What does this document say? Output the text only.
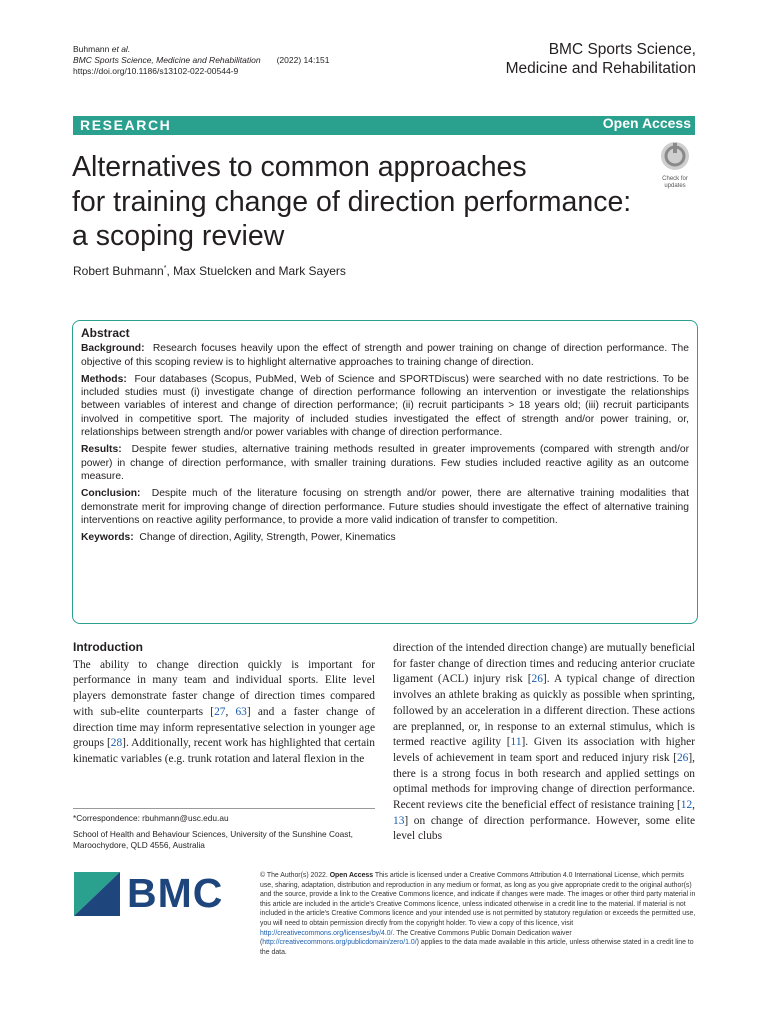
Buhmann et al.
BMC Sports Science, Medicine and Rehabilitation (2022) 14:151
https://doi.org/10.1186/s13102-022-00544-9
BMC Sports Science,
Medicine and Rehabilitation
RESEARCH	Open Access
Alternatives to common approaches
for training change of direction performance:
a scoping review
Check for
updates
Robert Buhmann*, Max Stuelcken and Mark Sayers
Abstract

Background: Research focuses heavily upon the effect of strength and power training on change of direction performance. The objective of this scoping review is to highlight alternative approaches to training change of direction.

Methods: Four databases (Scopus, PubMed, Web of Science and SPORTDiscus) were searched with no date restrictions. To be included studies must (i) investigate change of direction performance following an intervention or investigate the relationships between variables of interest and change of direction performance; (ii) recruit participants > 18 years old; (iii) recruit participants involved in competitive sport. The majority of included studies investigated the effect of strength and/or power training, or, relationships between strength and/or power variables with change of direction performance.

Results: Despite fewer studies, alternative training methods resulted in greater improvements (compared with strength and/or power) in change of direction performance, with smaller training durations. Few studies included reactive agility as an outcome measure.

Conclusion: Despite much of the literature focusing on strength and/or power, there are alternative training modalities that demonstrate merit for improving change of direction performance. Future studies should investigate the effect of alternative training interventions on reactive agility performance, to provide a more valid indication of transfer to competition.

Keywords: Change of direction, Agility, Strength, Power, Kinematics

Introduction
The ability to change direction quickly is important for performance in many team and individual sports. Elite level players demonstrate faster change of direction times compared with sub-elite counterparts [27, 63] and a faster change of direction time may inform representative selection in younger age groups [28]. Additionally, recent work has highlighted that certain kinematic variables (e.g. trunk rotation and lateral flexion in the
direction of the intended direction change) are mutually beneficial for faster change of direction times and reducing anterior cruciate ligament (ACL) injury risk [26]. A typical change of direction involves an athlete braking as quickly as possible when sprinting, followed by an acceleration in a different direction. These actions are preplanned, or, in response to an external stimulus, which is termed reactive agility [11]. Given its association with higher levels of achievement in team sport and reduced injury risk [26], there is a strong focus in both research and applied settings on optimal methods for improving change of direction performance. Recent reviews cite the beneficial effect of resistance training [12, 13] on change of direction performance. However, some elite level clubs
*Correspondence: rbuhmann@usc.edu.au
School of Health and Behaviour Sciences, University of the Sunshine Coast, Maroochydore, QLD 4556, Australia
BMC	© The Author(s) 2022. Open Access This article is licensed under a Creative Commons Attribution 4.0 International License, which permits use, sharing, adaptation, distribution and reproduction in any medium or format, as long as you give appropriate credit to the original author(s) and the source, provide a link to the Creative Commons licence, and indicate if changes were made. The images or other third party material in this article are included in the article's Creative Commons licence, unless indicated otherwise in a credit line to the material. If material is not included in the article's Creative Commons licence and your intended use is not permitted by statutory regulation or exceeds the permitted use, you will need to obtain permission directly from the copyright holder. To view a copy of this licence, visit http://creativecommons.org/licenses/by/4.0/. The Creative Commons Public Domain Dedication waiver (http://creativecommons.org/publicdomain/zero/1.0/) applies to the data made available in this article, unless otherwise stated in a credit line to the data.
